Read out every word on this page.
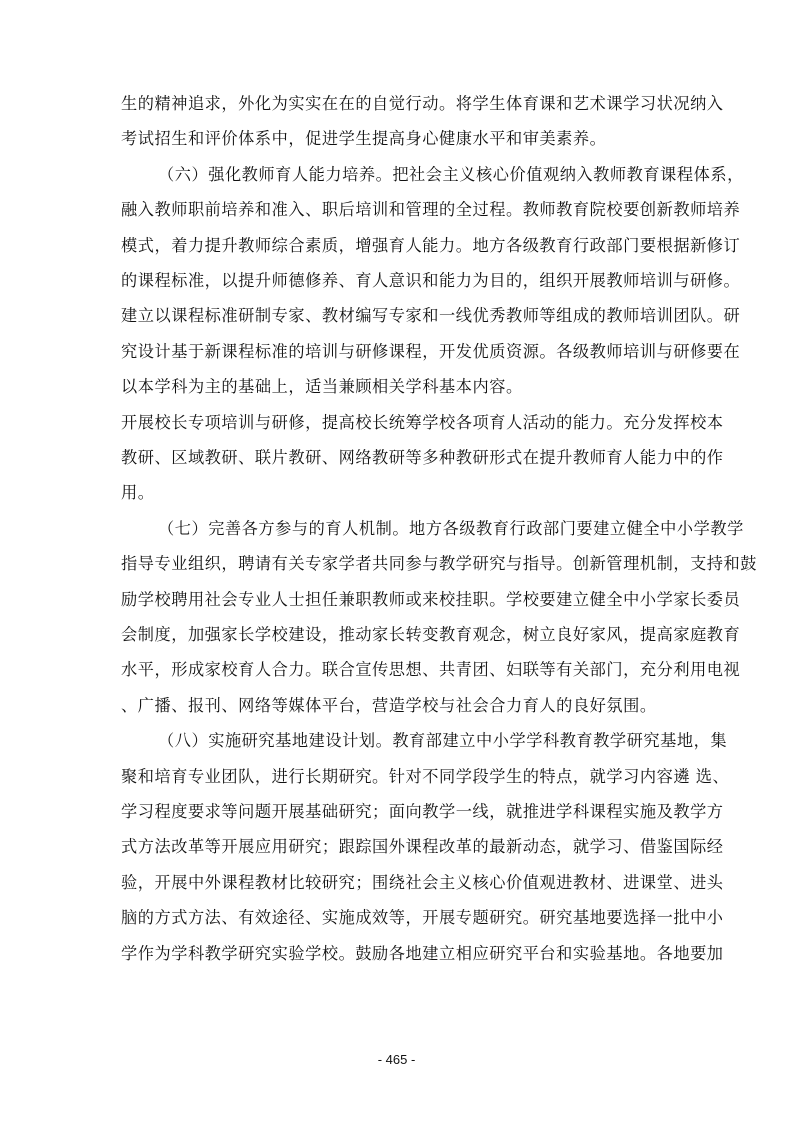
生的精神追求，外化为实实在在的自觉行动。将学生体育课和艺术课学习状况纳入
考试招生和评价体系中，促进学生提高身心健康水平和审美素养。
（六）强化教师育人能力培养。把社会主义核心价值观纳入教师教育课程体系，
融入教师职前培养和准入、职后培训和管理的全过程。教师教育院校要创新教师培养
模式，着力提升教师综合素质，增强育人能力。地方各级教育行政部门要根据新修订
的课程标准，以提升师德修养、育人意识和能力为目的，组织开展教师培训与研修。
建立以课程标准研制专家、教材编写专家和一线优秀教师等组成的教师培训团队。研
究设计基于新课程标准的培训与研修课程，开发优质资源。各级教师培训与研修要在
以本学科为主的基础上，适当兼顾相关学科基本内容。
开展校长专项培训与研修，提高校长统筹学校各项育人活动的能力。充分发挥校本
教研、区域教研、联片教研、网络教研等多种教研形式在提升教师育人能力中的作
用。
（七）完善各方参与的育人机制。地方各级教育行政部门要建立健全中小学教学
指导专业组织，聘请有关专家学者共同参与教学研究与指导。创新管理机制，支持和鼓
励学校聘用社会专业人士担任兼职教师或来校挂职。学校要建立健全中小学家长委员
会制度，加强家长学校建设，推动家长转变教育观念，树立良好家风，提高家庭教育
水平，形成家校育人合力。联合宣传思想、共青团、妇联等有关部门，充分利用电视
、广播、报刊、网络等媒体平台，营造学校与社会合力育人的良好氛围。
（八）实施研究基地建设计划。教育部建立中小学学科教育教学研究基地，集
聚和培育专业团队，进行长期研究。针对不同学段学生的特点，就学习内容遴 选、
学习程度要求等问题开展基础研究；面向教学一线，就推进学科课程实施及教学方
式方法改革等开展应用研究；跟踪国外课程改革的最新动态，就学习、借鉴国际经
验，开展中外课程教材比较研究；围绕社会主义核心价值观进教材、进课堂、进头
脑的方式方法、有效途径、实施成效等，开展专题研究。研究基地要选择一批中小
学作为学科教学研究实验学校。鼓励各地建立相应研究平台和实验基地。各地要加
- 465 -
